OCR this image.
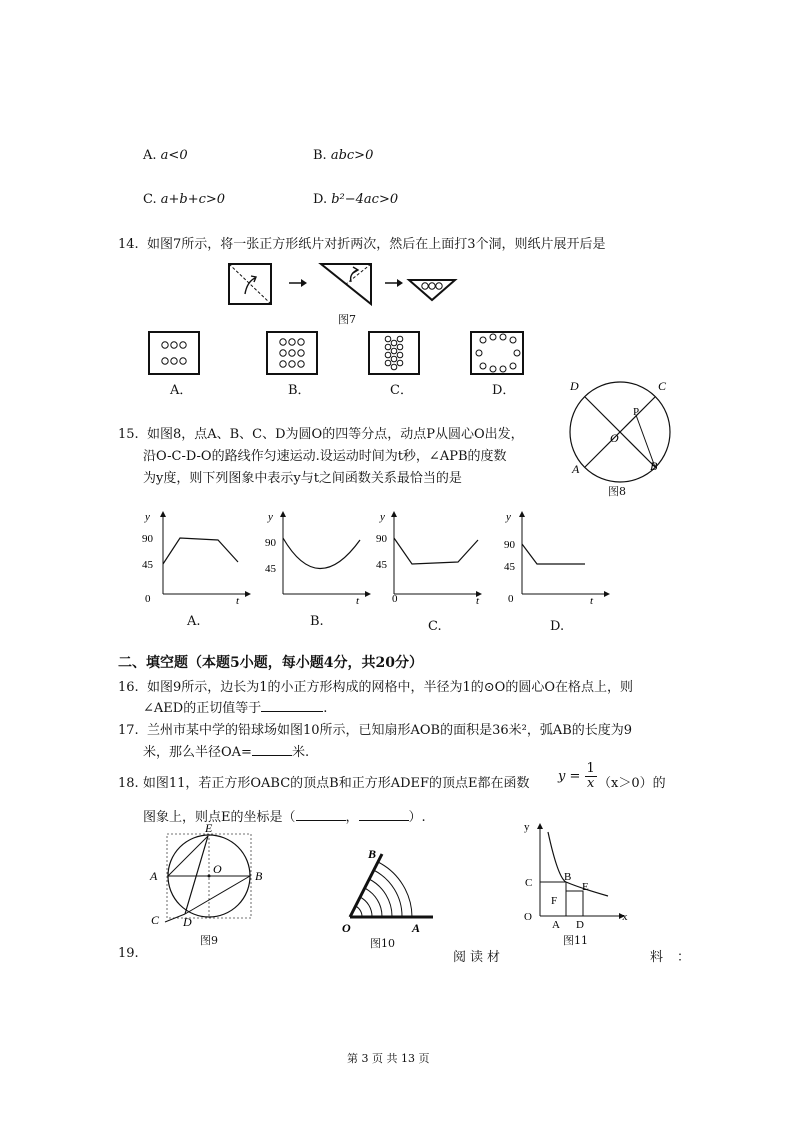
A. a<0	B. abc>0
C. a+b+c>0	D. b²−4ac>0
14. 如图7所示，将一张正方形纸片对折两次，然后在上面打3个洞，则纸片展开后是
图7
A．	B．	C．	D．	D	C
A	B
O
P
图8
15. 如图8，点A、B、C、D为圆O的四等分点，动点P从圆心O出发，
沿O-C-D-O的路线作匀速运动.设运动时间为t秒，∠APB的度数
为y度，则下列图象中表示y与t之间函数关系最恰当的是
y
90
45
0	t
y
90
45
t
y
90
45
0	t
y
90
45
0	t
A.	B.	C.	D.
二、填空题（本题5小题，每小题4分，共20分）
16. 如图9所示，边长为1的小正方形构成的网格中，半径为1的⊙O的圆心O在格点上，则
∠AED的正切值等于	.
17. 兰州市某中学的铅球场如图10所示，已知扇形AOB的面积是36米²，弧AB的长度为9
米，那么半径OA=	米.
18. 如图11，若正方形OABC的顶点B和正方形ADEF的顶点E都在函数 $y = \frac{1}{x} (x>0)$的
图象上，则点E的坐标是（	，	）.
E
O
A	B
C D
图9
B
O	A
图10
y
x
C	B
E
F
O
A D
图11
19.	阅读材	料：
第 3 页 共 13 页
